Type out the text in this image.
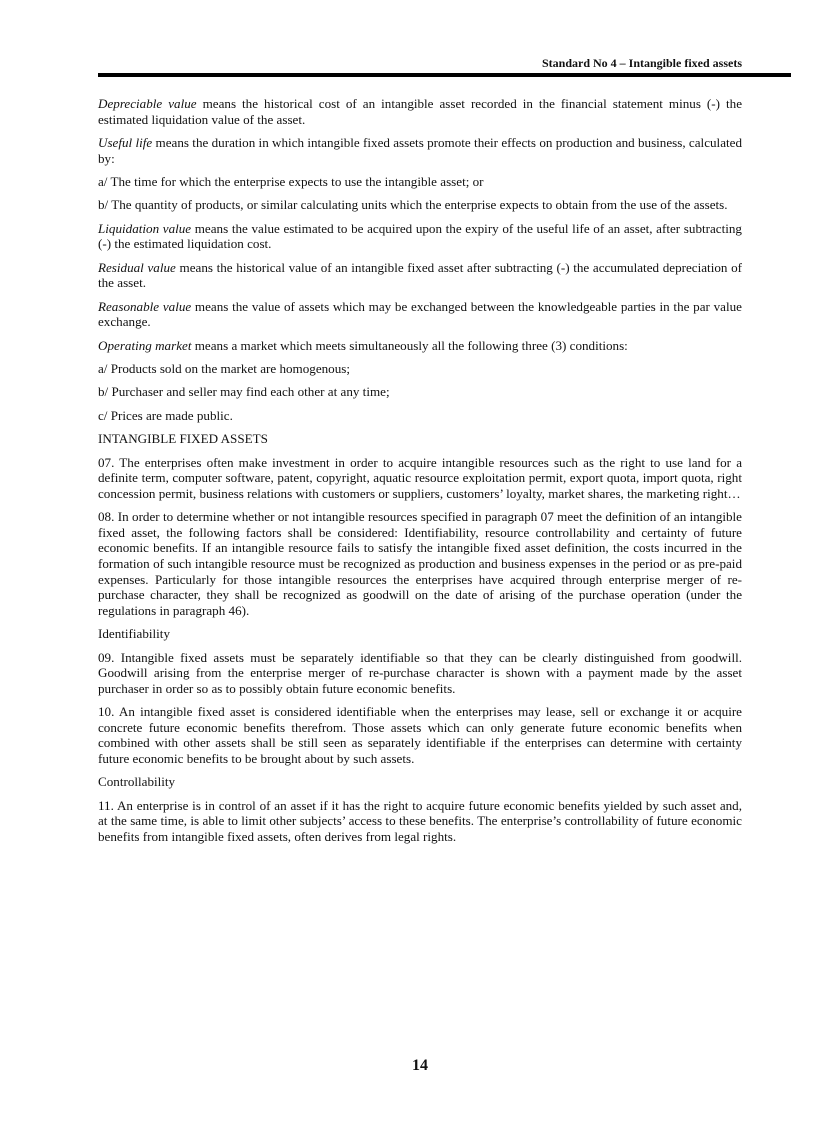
Standard No 4 – Intangible fixed assets

Depreciable value means the historical cost of an intangible asset recorded in the financial statement minus (-) the estimated liquidation value of the asset.

Useful life means the duration in which intangible fixed assets promote their effects on production and business, calculated by:

a/ The time for which the enterprise expects to use the intangible asset; or

b/ The quantity of products, or similar calculating units which the enterprise expects to obtain from the use of the assets.

Liquidation value means the value estimated to be acquired upon the expiry of the useful life of an asset, after subtracting (-) the estimated liquidation cost.

Residual value means the historical value of an intangible fixed asset after subtracting (-) the accumulated depreciation of the asset.

Reasonable value means the value of assets which may be exchanged between the knowledgeable parties in the par value exchange.

Operating market means a market which meets simultaneously all the following three (3) conditions:

a/ Products sold on the market are homogenous;

b/ Purchaser and seller may find each other at any time;

c/ Prices are made public.

INTANGIBLE FIXED ASSETS

07. The enterprises often make investment in order to acquire intangible resources such as the right to use land for a definite term, computer software, patent, copyright, aquatic resource exploitation permit, export quota, import quota, right concession permit, business relations with customers or suppliers, customers’ loyalty, market shares, the marketing right…

08. In order to determine whether or not intangible resources specified in paragraph 07 meet the definition of an intangible fixed asset, the following factors shall be considered: Identifiability, resource controllability and certainty of future economic benefits. If an intangible resource fails to satisfy the intangible fixed asset definition, the costs incurred in the formation of such intangible resource must be recognized as production and business expenses in the period or as pre-paid expenses. Particularly for those intangible resources the enterprises have acquired through enterprise merger of re-purchase character, they shall be recognized as goodwill on the date of arising of the purchase operation (under the regulations in paragraph 46).

Identifiability

09. Intangible fixed assets must be separately identifiable so that they can be clearly distinguished from goodwill. Goodwill arising from the enterprise merger of re-purchase character is shown with a payment made by the asset purchaser in order so as to possibly obtain future economic benefits.

10. An intangible fixed asset is considered identifiable when the enterprises may lease, sell or exchange it or acquire concrete future economic benefits therefrom. Those assets which can only generate future economic benefits when combined with other assets shall be still seen as separately identifiable if the enterprises can determine with certainty future economic benefits to be brought about by such assets.

Controllability

11. An enterprise is in control of an asset if it has the right to acquire future economic benefits yielded by such asset and, at the same time, is able to limit other subjects’ access to these benefits. The enterprise’s controllability of future economic benefits from intangible fixed assets, often derives from legal rights.

14
